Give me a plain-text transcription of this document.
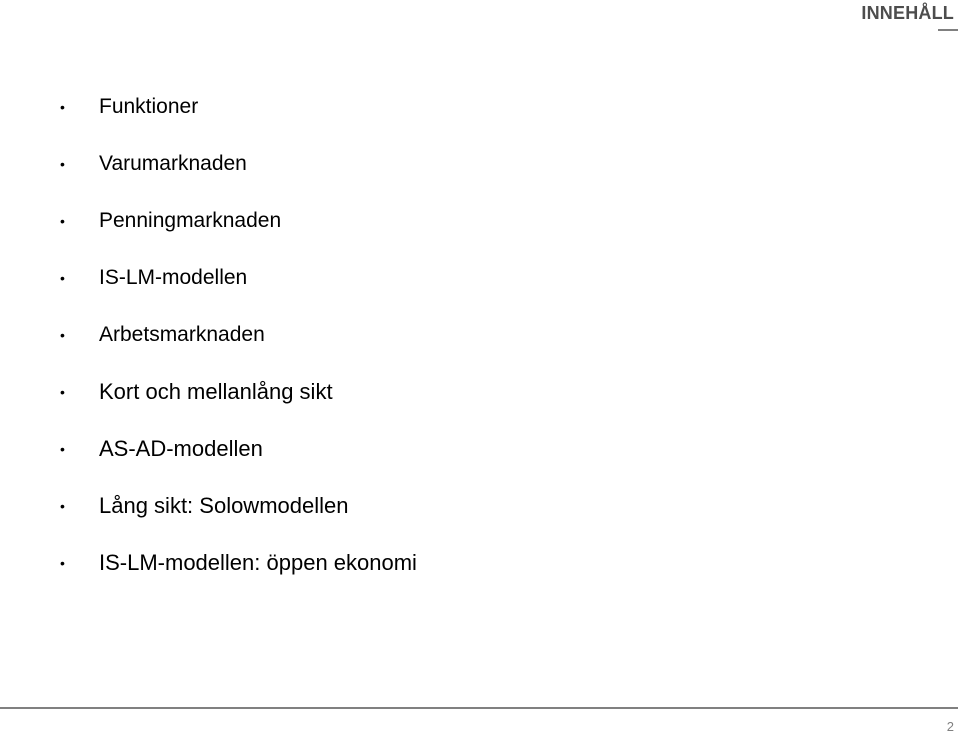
INNEHÅLL
•	Funktioner
•	Varumarknaden
•	Penningmarknaden
•	IS-LM-modellen
•	Arbetsmarknaden
•	Kort och mellanlång sikt
•	AS-AD-modellen
•	Lång sikt: Solowmodellen
•	IS-LM-modellen: öppen ekonomi
2
